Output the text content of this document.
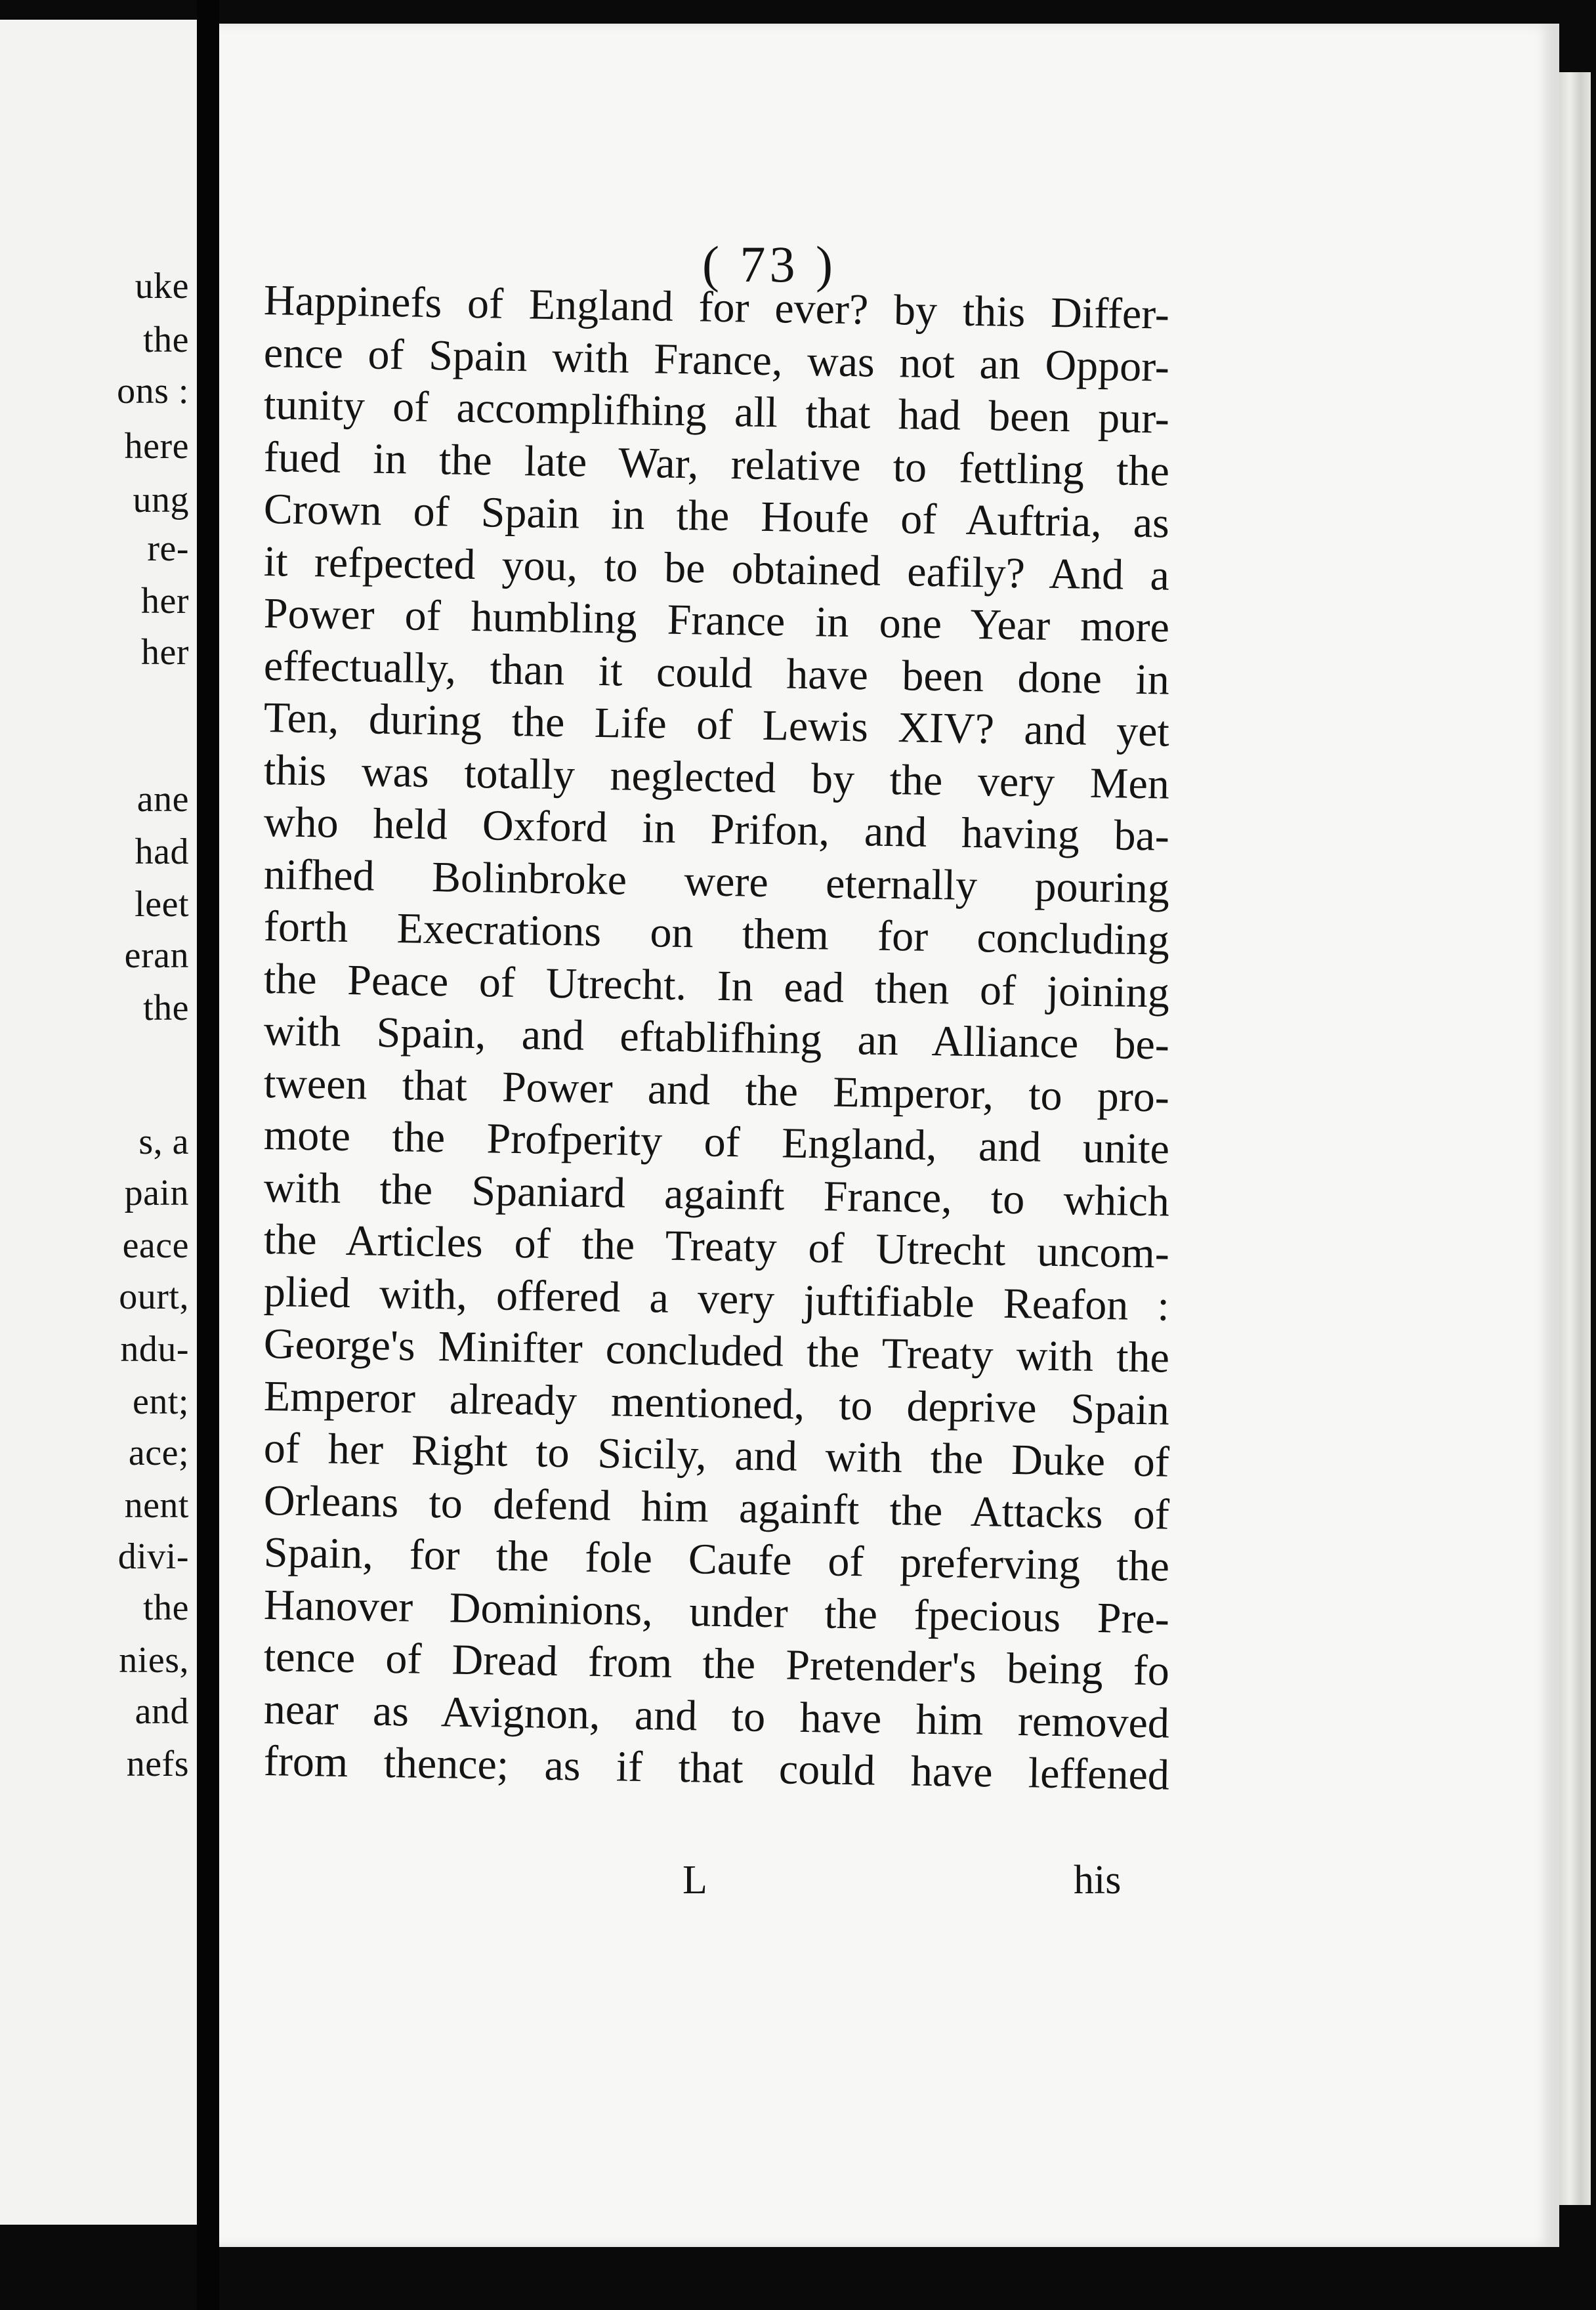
uke
the
ons :
here
ung
re-
her
her
ane
had
leet
eran
the
s, a
pain
eace
ourt,
ndu-
ent;
ace;
nent
divi-
the
nies,
and
nefs
( 73 )
Happinefs of England for ever? by this Differ-
ence of Spain with France, was not an Oppor-
tunity of accomplifhing all that had been pur-
fued in the late War, relative to fettling the
Crown of Spain in the Houfe of Auftria, as
it refpected you, to be obtained eafily? And a
Power of humbling France in one Year more
effectually, than it could have been done in
Ten, during the Life of Lewis XIV? and yet
this was totally neglected by the very Men
who held Oxford in Prifon, and having ba-
nifhed Bolinbroke were eternally pouring
forth Execrations on them for concluding
the Peace of Utrecht. In ead then of joining
with Spain, and eftablifhing an Alliance be-
tween that Power and the Emperor, to pro-
mote the Profperity of England, and unite
with the Spaniard againft France, to which
the Articles of the Treaty of Utrecht uncom-
plied with, offered a very juftifiable Reafon :
George's Minifter concluded the Treaty with the
Emperor already mentioned, to deprive Spain
of her Right to Sicily, and with the Duke of
Orleans to defend him againft the Attacks of
Spain, for the fole Caufe of preferving the
Hanover Dominions, under the fpecious Pre-
tence of Dread from the Pretender's being fo
near as Avignon, and to have him removed
from thence; as if that could have leffened
L	his
